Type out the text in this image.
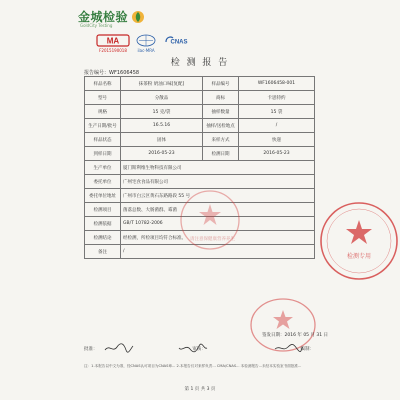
金城检验
GoldCity Testing
MA
F2015190018	ilac-MRA
CNAS
检 测 报 告
报告编号：WF1606458
样品名称	抹茶粉 奶油口味[复配]	样品编号	WF1606458-001
型号	分散品	商标	卡思特约
规格	15 克/袋	抽样数量	15 袋
生产日期/批号	16.5.16	抽样/送检地点	/
样品状态	固体	来样方式	快递
到样日期	2016-05-23	检测日期	2016-05-23
生产单位	厦门斯利维生物科技有限公司		
委托单位	广州宅食食品有限公司		
委托单位地址	广州市白云区黄石东路路段 55 号		
检测项目	菌落总数、大肠菌群、霉菌		
检测依据	GB/T 10782-2006		
检测结论	经检测，所检项目均符合标准。		
备注	/		
检测专用
请注意保健康营养养生
签发日期：2016 年 05 月 31 日
批准：	审核：	编制：
注：1.本报告以中文为准，经CNAS认可项目为CNAS章... 2.本报告仅对来样负责... CMA/CNAS... 本检测报告...未经本实验室书面批准...
第 1 页 共 3 页
